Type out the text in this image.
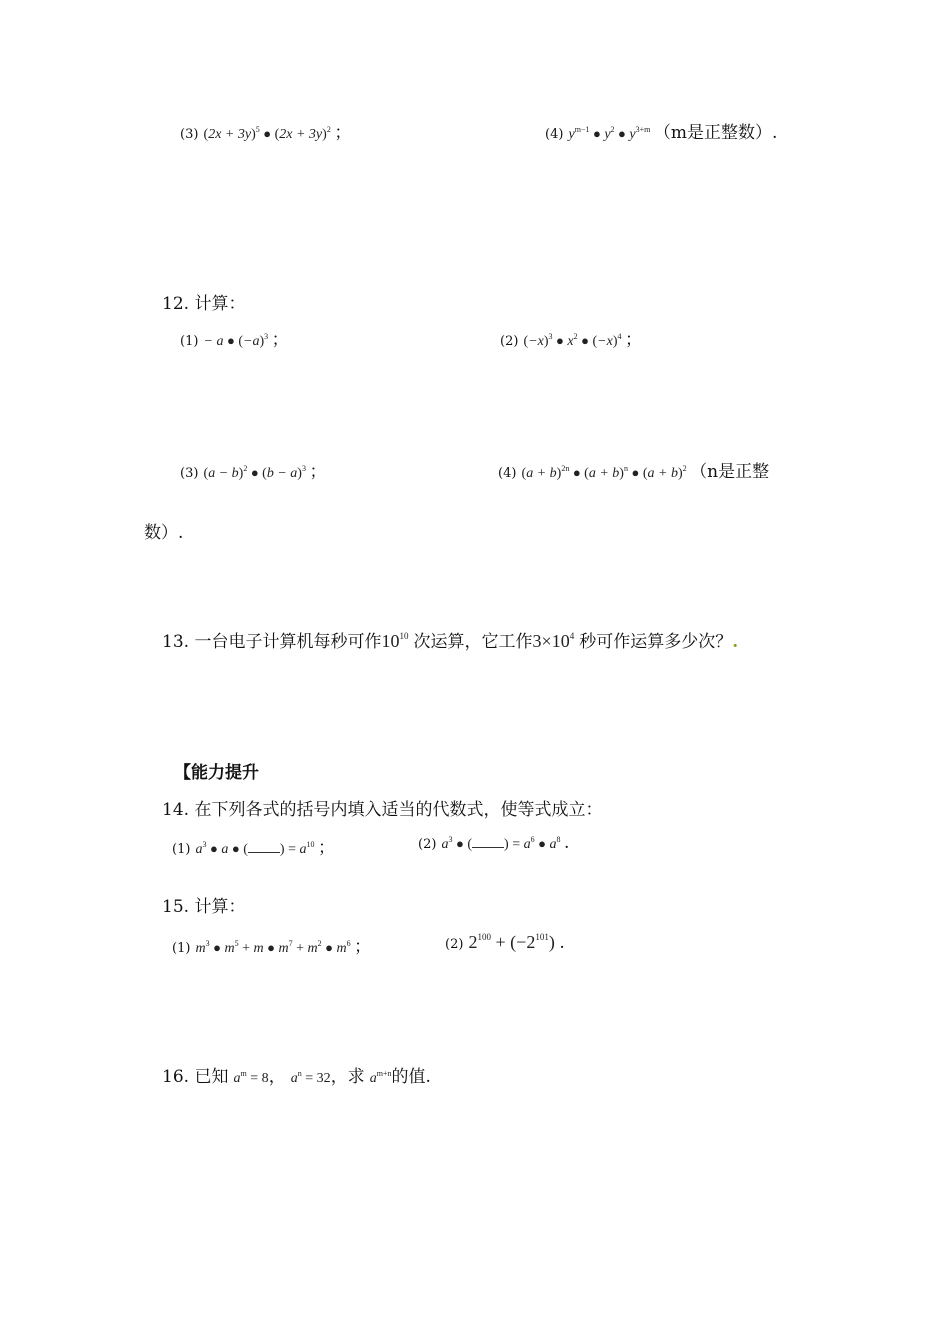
(3) $(2x + 3y)^5$ ● $(2x + 3y)^2$ ；	(4) $y^{m-1}$ ● $y^2$ ● $y^{3+m}$ （m是正整数）.
12. 计算：
(1) − a ● $(-a)^3$ ；	(2) $(-x)^3$ ● $x^2$ ● $(-x)^4$ ；
(3) $(a - b)^2$ ● $(b - a)^3$ ；	(4) $(a + b)^{2n}$ ● $(a + b)^n$ ● $(a + b)^2$ （n是正整
数）.
13. 一台电子计算机每秒可作$10^{10}$ 次运算，它工作$3\times 10^4$ 秒可作运算多少次？.
【能力提升
14. 在下列各式的括号内填入适当的代数式，使等式成立：
(1) $a^3$ ● a ● ( ) = $a^{10}$ ；	(2) $a^3$ ● ( ) = $a^6$ ● $a^8$ .
15. 计算：
(1) $m^3$ ● $m^5 + m$ ● $m^7 + m^2$ ● $m^6$ ；	(2) $2^{100} + (-2^{101})$ .
16. 已知 $a^m = 8$， $a^n = 32$，求 $a^{m+n}$的值.
